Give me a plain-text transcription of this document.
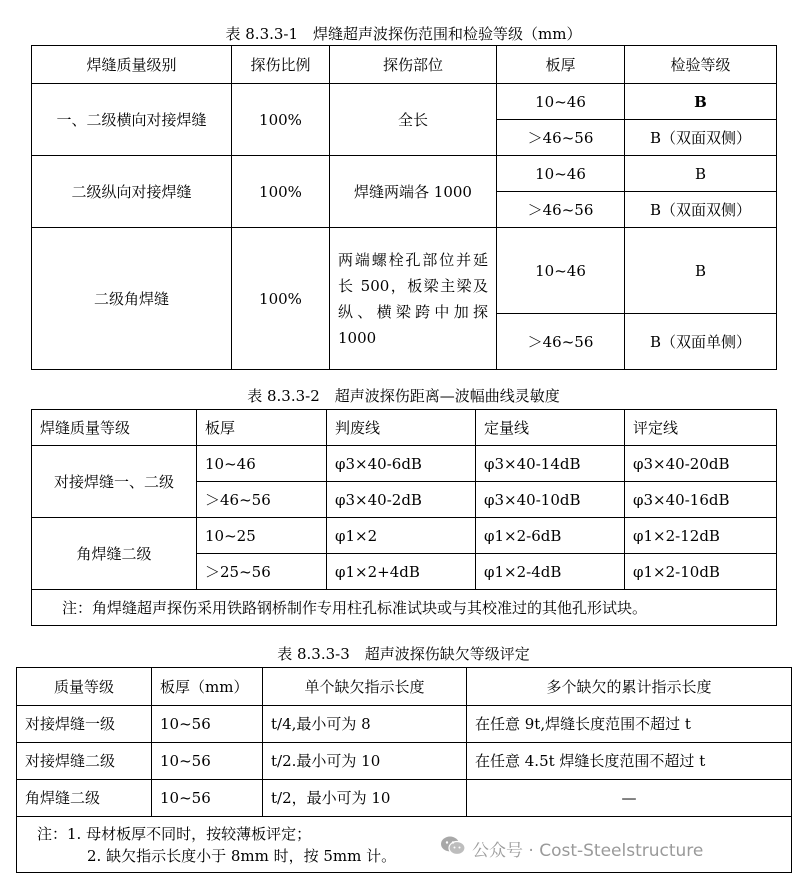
表 8.3.3-1　焊缝超声波探伤范围和检验等级（mm）
焊缝质量级别	探伤比例	探伤部位	板厚	检验等级
一、二级横向对接焊缝	100%	全长	10~46	B
			＞46~56	B（双面双侧）
二级纵向对接焊缝	100%	焊缝两端各 1000	10~46	B
			＞46~56	B（双面双侧）
二级角焊缝	100%	两端螺栓孔部位并延
长 500，板梁主梁及
纵、横梁跨中加探
1000	10~46	B
			＞46~56	B（双面单侧）
表 8.3.3-2　超声波探伤距离—波幅曲线灵敏度
焊缝质量等级	板厚	判废线	定量线	评定线
对接焊缝一、二级	10~46	φ3×40-6dB	φ3×40-14dB	φ3×40-20dB
	＞46~56	φ3×40-2dB	φ3×40-10dB	φ3×40-16dB
角焊缝二级	10~25	φ1×2	φ1×2-6dB	φ1×2-12dB
	＞25~56	φ1×2+4dB	φ1×2-4dB	φ1×2-10dB
注：角焊缝超声探伤采用铁路钢桥制作专用柱孔标准试块或与其校准过的其他孔形试块。				
表 8.3.3-3　超声波探伤缺欠等级评定
质量等级	板厚（mm）	单个缺欠指示长度	多个缺欠的累计指示长度
对接焊缝一级	10~56	t/4,最小可为 8	在任意 9t,焊缝长度范围不超过 t
对接焊缝二级	10~56	t/2.最小可为 10	在任意 4.5t 焊缝长度范围不超过 t
角焊缝二级	10~56	t/2，最小可为 10	—

注：1. 母材板厚不同时，按较薄板评定；
2. 缺欠指示长度小于 8mm 时，按 5mm 计。				公众号 · Cost-Steelstructure
